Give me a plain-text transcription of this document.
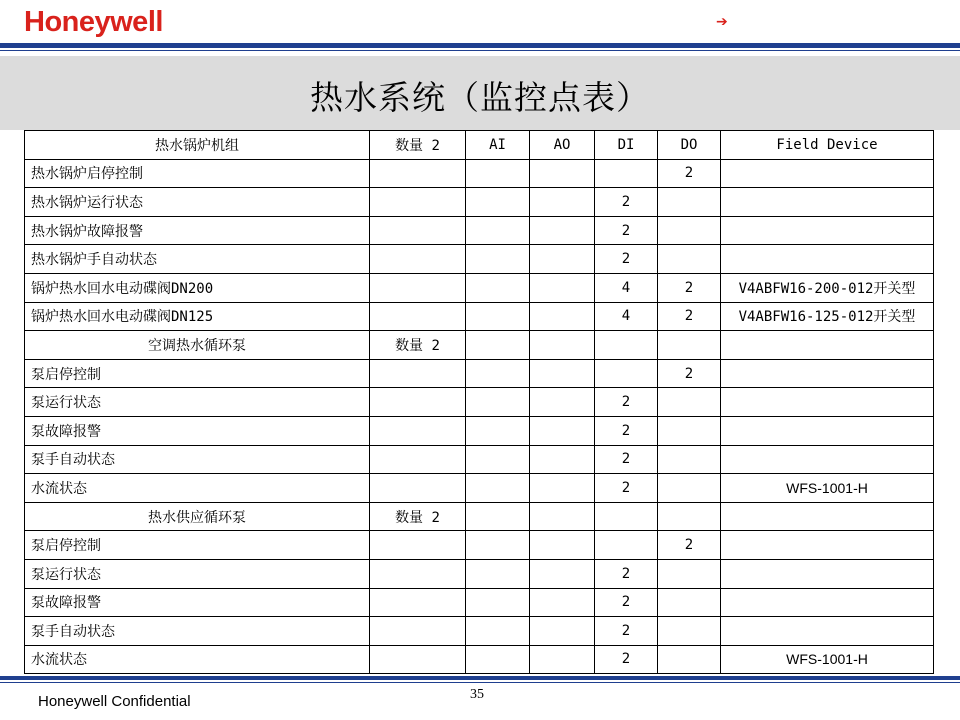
Honeywell	➔
热水系统（监控点表）
热水锅炉机组	数量 2	AI	AO	DI	DO	Field Device
热水锅炉启停控制					2	
热水锅炉运行状态				2		
热水锅炉故障报警				2		
热水锅炉手自动状态				2		
锅炉热水回水电动碟阀DN200				4	2	V4ABFW16-200-012开关型
锅炉热水回水电动碟阀DN125				4	2	V4ABFW16-125-012开关型
空调热水循环泵	数量 2					
泵启停控制					2	
泵运行状态				2		
泵故障报警				2		
泵手自动状态				2		
水流状态				2		WFS-1001-H
热水供应循环泵	数量 2					
泵启停控制					2	
泵运行状态				2		
泵故障报警				2		
泵手自动状态				2		
水流状态				2		WFS-1001-H
35
Honeywell Confidential
